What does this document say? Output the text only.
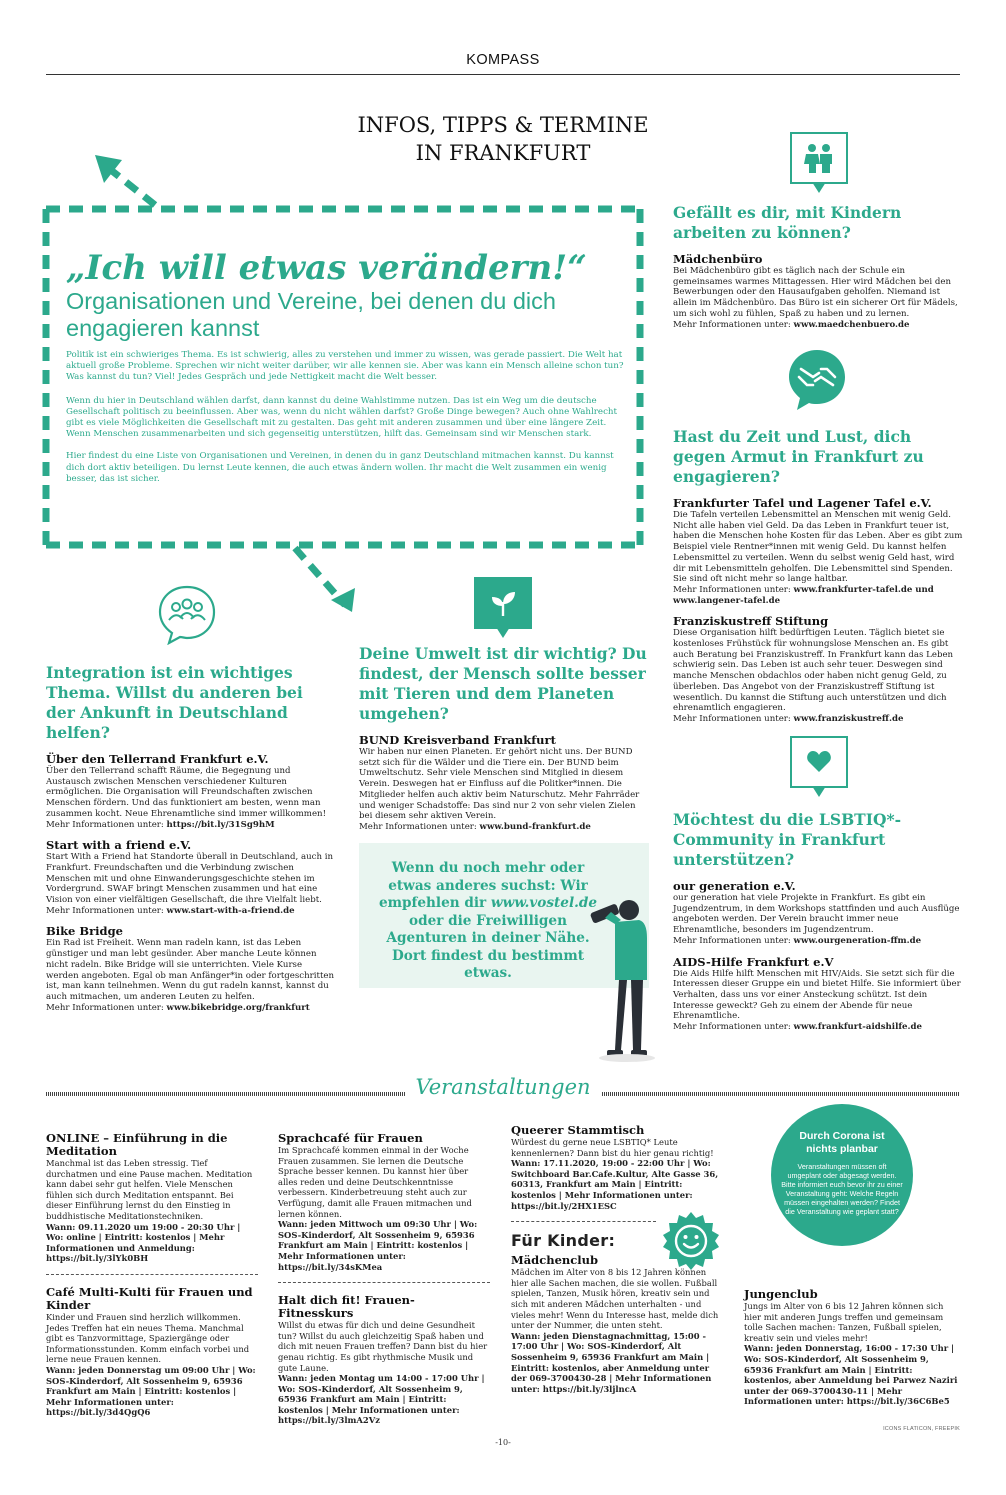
KOMPASS
INFOS, TIPPS & TERMINE
IN FRANKFURT
„Ich will etwas verändern!“
Organisationen und Vereine, bei denen du dich engagieren kannst

Politik ist ein schwieriges Thema. Es ist schwierig, alles zu verstehen und immer zu wissen, was gerade passiert. Die Welt hat aktuell große Probleme. Sprechen wir nicht weiter darüber, wir alle kennen sie. Aber was kann ein Mensch alleine schon tun? Was kannst du tun? Viel! Jedes Gespräch und jede Nettigkeit macht die Welt besser.

Wenn du hier in Deutschland wählen darfst, dann kannst du deine Wahlstimme nutzen. Das ist ein Weg um die deutsche Gesellschaft politisch zu beeinflussen. Aber was, wenn du nicht wählen darfst? Große Dinge bewegen? Auch ohne Wahlrecht gibt es viele Möglichkeiten die Gesellschaft mit zu gestalten. Das geht mit anderen zusammen und über eine längere Zeit. Wenn Menschen zusammenarbeiten und sich gegenseitig unterstützen, hilft das. Gemeinsam sind wir Menschen stark.

Hier findest du eine Liste von Organisationen und Vereinen, in denen du in ganz Deutschland mitmachen kannst. Du kannst dich dort aktiv beteiligen. Du lernst Leute kennen, die auch etwas ändern wollen. Ihr macht die Welt zusammen ein wenig besser, das ist sicher.

Integration ist ein wichtiges Thema. Willst du anderen bei der Ankunft in Deutschland helfen?
Über den Tellerrand Frankfurt e.V.
Über den Tellerrand schafft Räume, die Begegnung und Austausch zwischen Menschen verschiedener Kulturen ermöglichen. Die Organisation will Freundschaften zwischen Menschen fördern. Und das funktioniert am besten, wenn man zusammen kocht. Neue Ehrenamtliche sind immer willkommen!
Mehr Informationen unter: https://bit.ly/31Sg9hM
Start with a friend e.V.
Start With a Friend hat Standorte überall in Deutschland, auch in Frankfurt. Freundschaften und die Verbindung zwischen Menschen mit und ohne Einwanderungsgeschichte stehen im Vordergrund. SWAF bringt Menschen zusammen und hat eine Vision von einer vielfältigen Gesellschaft, die ihre Vielfalt liebt.
Mehr Informationen unter: www.start-with-a-friend.de
Bike Bridge
Ein Rad ist Freiheit. Wenn man radeln kann, ist das Leben günstiger und man lebt gesünder. Aber manche Leute können nicht radeln. Bike Bridge will sie unterrichten. Viele Kurse werden angeboten. Egal ob man Anfänger*in oder fortgeschritten ist, man kann teilnehmen. Wenn du gut radeln kannst, kannst du auch mitmachen, um anderen Leuten zu helfen.
Mehr Informationen unter: www.bikebridge.org/frankfurt
Deine Umwelt ist dir wichtig? Du findest, der Mensch sollte besser mit Tieren und dem Planeten umgehen?
BUND Kreisverband Frankfurt
Wir haben nur einen Planeten. Er gehört nicht uns. Der BUND setzt sich für die Wälder und die Tiere ein. Der BUND beim Umweltschutz. Sehr viele Menschen sind Mitglied in diesem Verein. Deswegen hat er Einfluss auf die Politker*innen. Die Mitglieder helfen auch aktiv beim Naturschutz. Mehr Fahrräder und weniger Schadstoffe: Das sind nur 2 von sehr vielen Zielen bei diesem sehr aktiven Verein.
Mehr Informationen unter: www.bund-frankfurt.de
Wenn du noch mehr oder etwas anderes suchst: Wir empfehlen dir www.vostel.de oder die Freiwilligen Agenturen in deiner Nähe. Dort findest du bestimmt etwas.
Gefällt es dir, mit Kindern arbeiten zu können?
Mädchenbüro
Bei Mädchenbüro gibt es täglich nach der Schule ein gemeinsames warmes Mittagessen. Hier wird Mädchen bei den Bewerbungen oder den Hausaufgaben geholfen. Niemand ist allein im Mädchenbüro. Das Büro ist ein sicherer Ort für Mädels, um sich wohl zu fühlen, Spaß zu haben und zu lernen.
Mehr Informationen unter: www.maedchenbuero.de
Hast du Zeit und Lust, dich gegen Armut in Frankfurt zu engagieren?
Frankfurter Tafel und Lagener Tafel e.V.
Die Tafeln verteilen Lebensmittel an Menschen mit wenig Geld. Nicht alle haben viel Geld. Da das Leben in Frankfurt teuer ist, haben die Menschen hohe Kosten für das Leben. Aber es gibt zum Beispiel viele Rentner*innen mit wenig Geld. Du kannst helfen Lebensmittel zu verteilen. Wenn du selbst wenig Geld hast, wird dir mit Lebensmitteln geholfen. Die Lebensmittel sind Spenden. Sie sind oft nicht mehr so lange haltbar.
Mehr Informationen unter: www.frankfurter-tafel.de und www.langener-tafel.de
Franziskustreff Stiftung
Diese Organisation hilft bedürftigen Leuten. Täglich bietet sie kostenloses Frühstück für wohnungslose Menschen an. Es gibt auch Beratung bei Franziskustreff. In Frankfurt kann das Leben schwierig sein. Das Leben ist auch sehr teuer. Deswegen sind manche Menschen obdachlos oder haben nicht genug Geld, zu überleben. Das Angebot von der Franziskustreff Stiftung ist wesentlich. Du kannst die Stiftung auch unterstützen und dich ehrenamtlich engagieren.
Mehr Informationen unter: www.franziskustreff.de
Möchtest du die LSBTIQ*-Community in Frankfurt unterstützen?
our generation e.V.
our generation hat viele Projekte in Frankfurt. Es gibt ein Jugendzentrum, in dem Workshops stattfinden und auch Ausflüge angeboten werden. Der Verein braucht immer neue Ehrenamtliche, besonders im Jugendzentrum.
Mehr Informationen unter: www.ourgeneration-ffm.de
AIDS-Hilfe Frankfurt e.V
Die Aids Hilfe hilft Menschen mit HIV/Aids. Sie setzt sich für die Interessen dieser Gruppe ein und bietet Hilfe. Sie informiert über Verhalten, dass uns vor einer Ansteckung schützt. Ist dein Interesse geweckt? Geh zu einem der Abende für neue Ehrenamtliche.
Mehr Informationen unter: www.frankfurt-aidshilfe.de
Veranstaltungen
ONLINE – Einführung in die Meditation
Manchmal ist das Leben stressig. Tief durchatmen und eine Pause machen. Meditation kann dabei sehr gut helfen. Viele Menschen fühlen sich durch Meditation entspannt. Bei dieser Einführung lernst du den Einstieg in buddhistische Meditationstechniken.
Wann: 09.11.2020 um 19:00 - 20:30 Uhr | Wo: online | Eintritt: kostenlos | Mehr Informationen und Anmeldung: https://bit.ly/3lYk0BH
Café Multi-Kulti für Frauen und Kinder
Kinder und Frauen sind herzlich willkommen. Jedes Treffen hat ein neues Thema. Manchmal gibt es Tanzvormittage, Spaziergänge oder Informationsstunden. Komm einfach vorbei und lerne neue Frauen kennen.
Wann: jeden Donnerstag um 09:00 Uhr | Wo: SOS-Kinderdorf, Alt Sossenheim 9, 65936 Frankfurt am Main | Eintritt: kostenlos | Mehr Informationen unter: https://bit.ly/3d4QgQ6
Sprachcafé für Frauen
Im Sprachcafé kommen einmal in der Woche Frauen zusammen. Sie lernen die Deutsche Sprache besser kennen. Du kannst hier über alles reden und deine Deutschkenntnisse verbessern. Kinderbetreuung steht auch zur Verfügung, damit alle Frauen mitmachen und lernen können.
Wann: jeden Mittwoch um 09:30 Uhr | Wo: SOS-Kinderdorf, Alt Sossenheim 9, 65936 Frankfurt am Main | Eintritt: kostenlos | Mehr Informationen unter: https://bit.ly/34sKMea
Halt dich fit! Frauen-Fitnesskurs
Willst du etwas für dich und deine Gesundheit tun? Willst du auch gleichzeitig Spaß haben und dich mit neuen Frauen treffen? Dann bist du hier genau richtig. Es gibt rhythmische Musik und gute Laune.
Wann: jeden Montag um 14:00 - 17:00 Uhr | Wo: SOS-Kinderdorf, Alt Sossenheim 9, 65936 Frankfurt am Main | Eintritt: kostenlos | Mehr Informationen unter: https://bit.ly/3lmA2Vz
Queerer Stammtisch
Würdest du gerne neue LSBTIQ* Leute kennenlernen? Dann bist du hier genau richtig!
Wann: 17.11.2020, 19:00 - 22:00 Uhr | Wo: Switchboard Bar.Cafe.Kultur, Alte Gasse 36, 60313, Frankfurt am Main | Eintritt: kostenlos | Mehr Informationen unter: https://bit.ly/2HX1ESC
Für Kinder:
Mädchenclub
Mädchen im Alter von 8 bis 12 Jahren können hier alle Sachen machen, die sie wollen. Fußball spielen, Tanzen, Musik hören, kreativ sein und sich mit anderen Mädchen unterhalten - und vieles mehr! Wenn du Interesse hast, melde dich unter der Nummer, die unten steht.
Wann: jeden Dienstagnachmittag, 15:00 - 17:00 Uhr | Wo: SOS-Kinderdorf, Alt Sossenheim 9, 65936 Frankfurt am Main | Eintritt: kostenlos, aber Anmeldung unter der 069-3700430-28 | Mehr Informationen unter: https://bit.ly/3ljlncA
Durch Corona ist nichts planbar
Veranstaltungen müssen oft umgeplant oder abgesagt werden. Bitte informiert euch bevor ihr zu einer Veranstaltung geht: Welche Regeln müssen eingehalten werden? Findet die Veranstaltung wie geplant statt?
Jungenclub
Jungs im Alter von 6 bis 12 Jahren können sich hier mit anderen Jungs treffen und gemeinsam tolle Sachen machen: Tanzen, Fußball spielen, kreativ sein und vieles mehr!
Wann: jeden Donnerstag, 16:00 - 17:30 Uhr | Wo: SOS-Kinderdorf, Alt Sossenheim 9, 65936 Frankfurt am Main | Eintritt: kostenlos, aber Anmeldung bei Parwez Naziri unter der 069-3700430-11 | Mehr Informationen unter: https://bit.ly/36C6Be5
ICONS FLATICON, FREEPIK
-10-
